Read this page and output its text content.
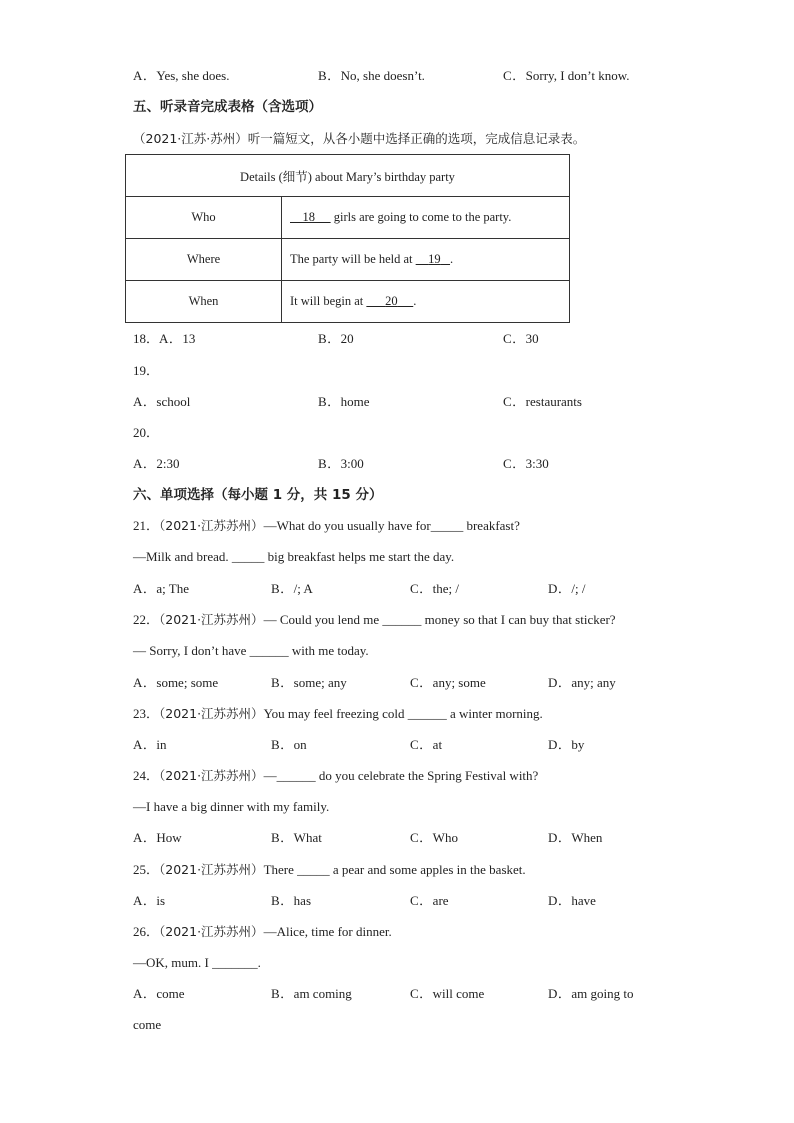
A．Yes, she does.	B．No, she doesn’t.	C．Sorry, I don’t know.
五、听录音完成表格（含选项）
（2021·江苏·苏州）听一篇短文，从各小题中选择正确的选项，完成信息记录表。
Details (细节) about Mary’s birthday party	
Who	18      girls are going to come to the party.
Where	The party will be held at     19 .
When	It will begin at       20 .
18．A．13	B．20	C．30
19．
A．school	B．home	C．restaurants
20．
A．2:30	B．3:00	C．3:30
六、单项选择（每小题 1 分，共 15 分）
21．（2021·江苏苏州）—What do you usually have for_____ breakfast?
—Milk and bread. _____ big breakfast helps me start the day.
A．a; The	B．/; A	C．the; /	D．/; /
22．（2021·江苏苏州）— Could you lend me ______ money so that I can buy that sticker?
— Sorry, I don’t have ______ with me today.
A．some; some	B．some; any	C．any; some	D．any; any
23．（2021·江苏苏州）You may feel freezing cold ______ a winter morning.
A．in	B．on	C．at	D．by
24．（2021·江苏苏州）—______ do you celebrate the Spring Festival with?
—I have a big dinner with my family.
A．How	B．What	C．Who	D．When
25．（2021·江苏苏州）There _____ a pear and some apples in the basket.
A．is	B．has	C．are	D．have
26．（2021·江苏苏州）—Alice, time for dinner.
—OK, mum. I _______.
A．come	B．am coming	C．will come	D．am going to
come
